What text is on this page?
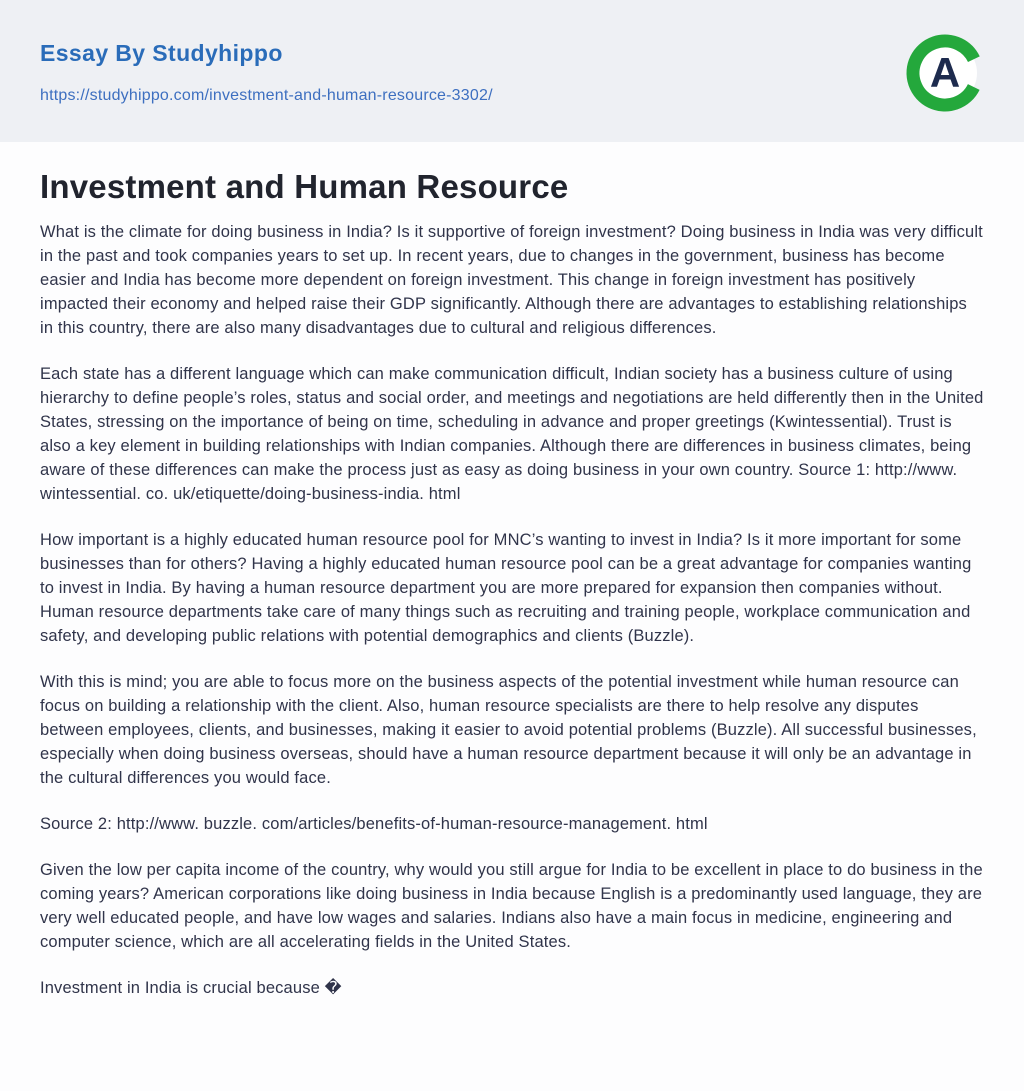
Essay By Studyhippo
https://studyhippo.com/investment-and-human-resource-3302/	A
Investment and Human Resource

What is the climate for doing business in India? Is it supportive of foreign investment? Doing business in India was very difficult in the past and took companies years to set up. In recent years, due to changes in the government, business has become easier and India has become more dependent on foreign investment. This change in foreign investment has positively impacted their economy and helped raise their GDP significantly. Although there are advantages to establishing relationships in this country, there are also many disadvantages due to cultural and religious differences.

Each state has a different language which can make communication difficult, Indian society has a business culture of using hierarchy to define people’s roles, status and social order, and meetings and negotiations are held differently then in the United States, stressing on the importance of being on time, scheduling in advance and proper greetings (Kwintessential). Trust is also a key element in building relationships with Indian companies. Although there are differences in business climates, being aware of these differences can make the process just as easy as doing business in your own country. Source 1: http://www. wintessential. co. uk/etiquette/doing-business-india. html

How important is a highly educated human resource pool for MNC’s wanting to invest in India? Is it more important for some businesses than for others? Having a highly educated human resource pool can be a great advantage for companies wanting to invest in India. By having a human resource department you are more prepared for expansion then companies without. Human resource departments take care of many things such as recruiting and training people, workplace communication and safety, and developing public relations with potential demographics and clients (Buzzle).

With this is mind; you are able to focus more on the business aspects of the potential investment while human resource can focus on building a relationship with the client. Also, human resource specialists are there to help resolve any disputes between employees, clients, and businesses, making it easier to avoid potential problems (Buzzle). All successful businesses, especially when doing business overseas, should have a human resource department because it will only be an advantage in the cultural differences you would face.

Source 2: http://www. buzzle. com/articles/benefits-of-human-resource-management. html

Given the low per capita income of the country, why would you still argue for India to be excellent in place to do business in the coming years? American corporations like doing business in India because English is a predominantly used language, they are very well educated people, and have low wages and salaries. Indians also have a main focus in medicine, engineering and computer science, which are all accelerating fields in the United States.

Investment in India is crucial because �
